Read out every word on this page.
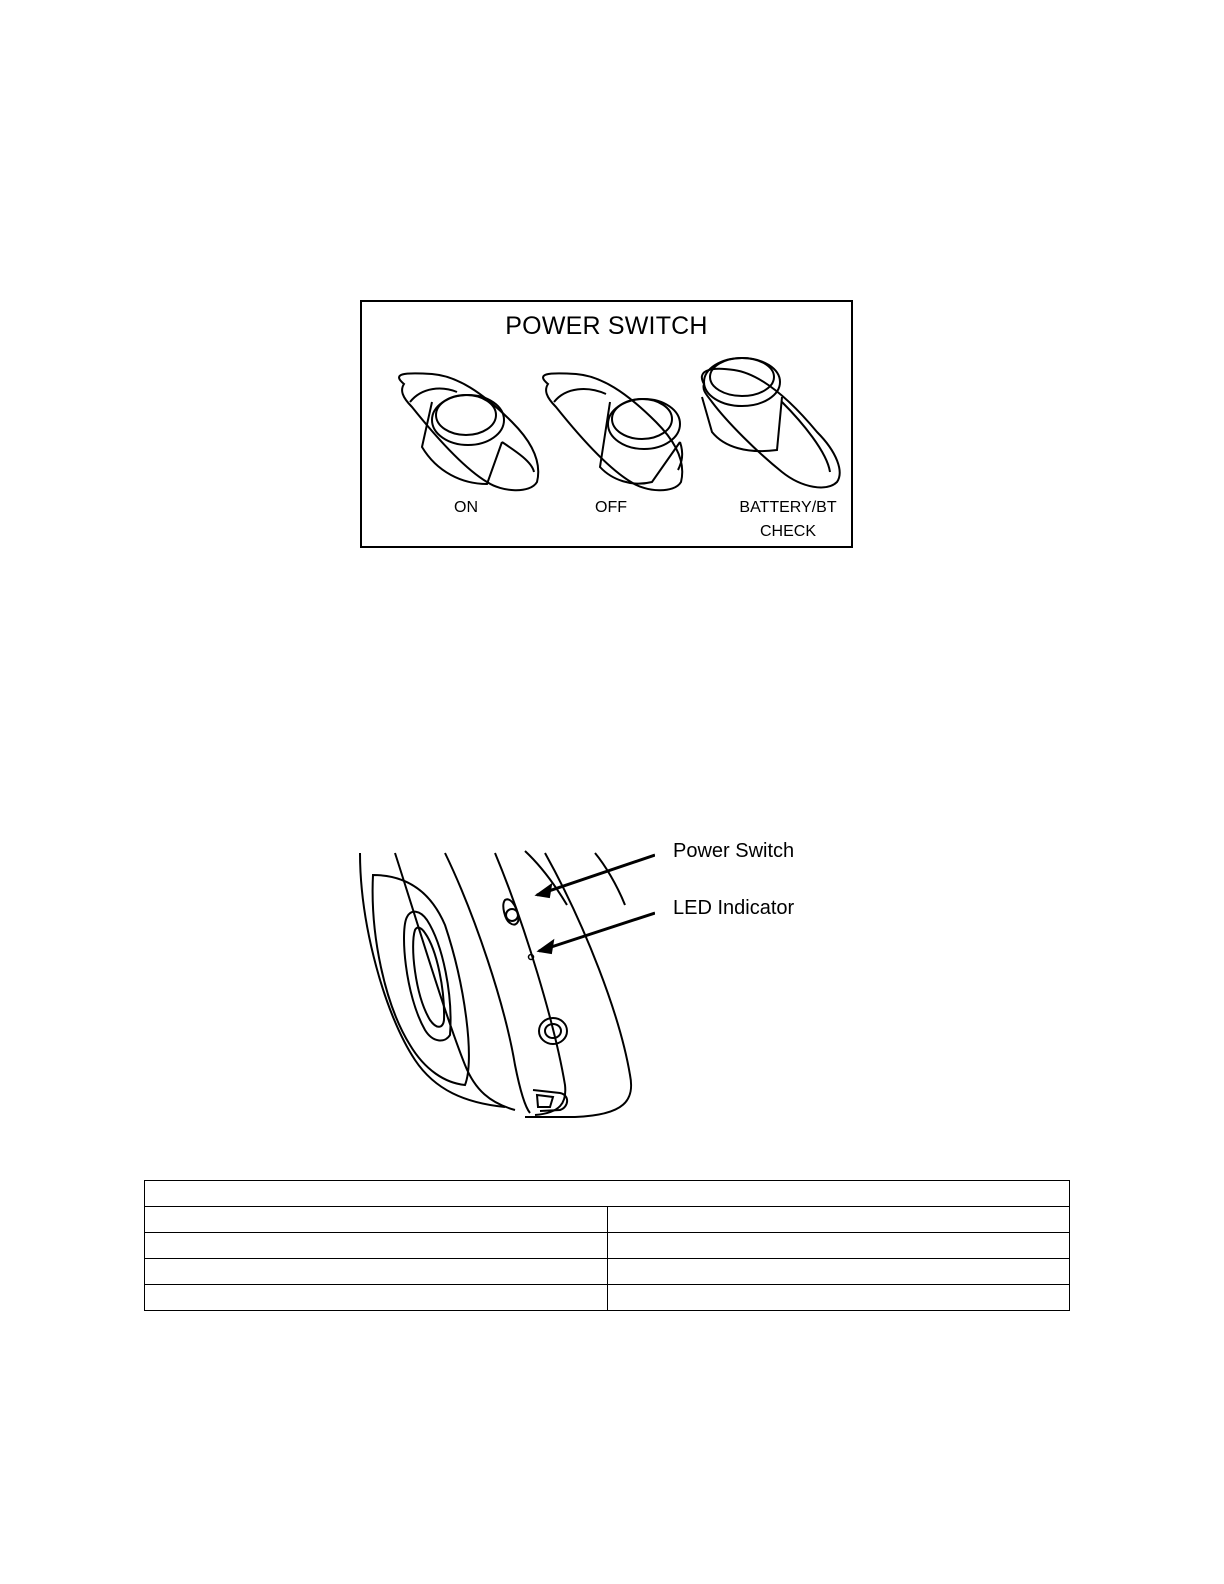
POWER SWITCH
ON	OFF	BATTERY/BT
CHECK
Power Switch
LED Indicator
